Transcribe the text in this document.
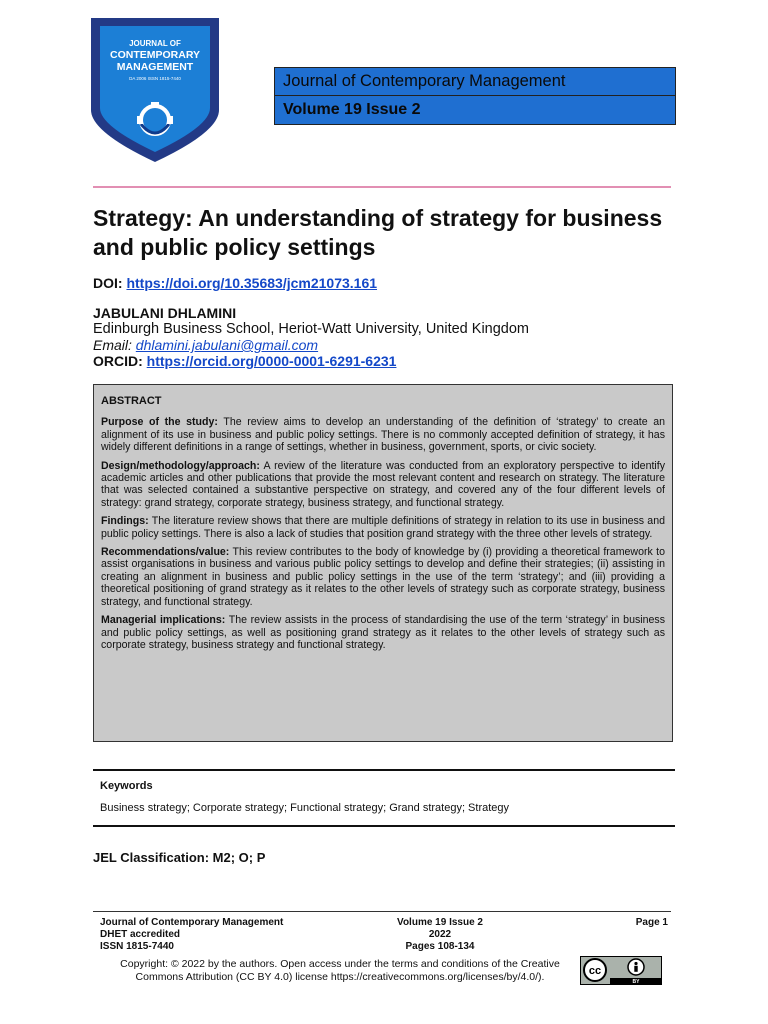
JOURNAL OF
CONTEMPORARY
MANAGEMENT
DA 2006 ISSN 1815-7440	Journal of Contemporary Management
Volume 19 Issue 2
Strategy: An understanding of strategy for business and public policy settings
DOI: https://doi.org/10.35683/jcm21073.161
JABULANI DHLAMINI
Edinburgh Business School, Heriot-Watt University, United Kingdom
Email: dhlamini.jabulani@gmail.com
ORCID: https://orcid.org/0000-0001-6291-6231
ABSTRACT

Purpose of the study: The review aims to develop an understanding of the definition of ‘strategy’ to create an alignment of its use in business and public policy settings. There is no commonly accepted definition of strategy, it has widely different definitions in a range of settings, whether in business, government, sports, or civic society.

Design/methodology/approach: A review of the literature was conducted from an exploratory perspective to identify academic articles and other publications that provide the most relevant content and research on strategy. The literature that was selected contained a substantive perspective on strategy, and covered any of the four different levels of strategy: grand strategy, corporate strategy, business strategy, and functional strategy.

Findings: The literature review shows that there are multiple definitions of strategy in relation to its use in business and public policy settings. There is also a lack of studies that position grand strategy with the three other levels of strategy.

Recommendations/value: This review contributes to the body of knowledge by (i) providing a theoretical framework to assist organisations in business and various public policy settings to develop and define their strategies; (ii) assisting in creating an alignment in business and public policy settings in the use of the term ‘strategy’; and (iii) providing a theoretical positioning of grand strategy as it relates to the other levels of strategy such as corporate strategy, business strategy, and functional strategy.

Managerial implications: The review assists in the process of standardising the use of the term ‘strategy’ in business and public policy settings, as well as positioning grand strategy as it relates to the other levels of strategy such as corporate strategy, business strategy and functional strategy.

Keywords
Business strategy; Corporate strategy; Functional strategy; Grand strategy; Strategy
JEL Classification: M2; O; P
Journal of Contemporary Management
DHET accredited
ISSN 1815-7440
Volume 19 Issue 2
2022
Pages 108-134
Page 1
Copyright: © 2022 by the authors. Open access under the terms and conditions of the Creative Commons Attribution (CC BY 4.0) license https://creativecommons.org/licenses/by/4.0/).	cc
BY
